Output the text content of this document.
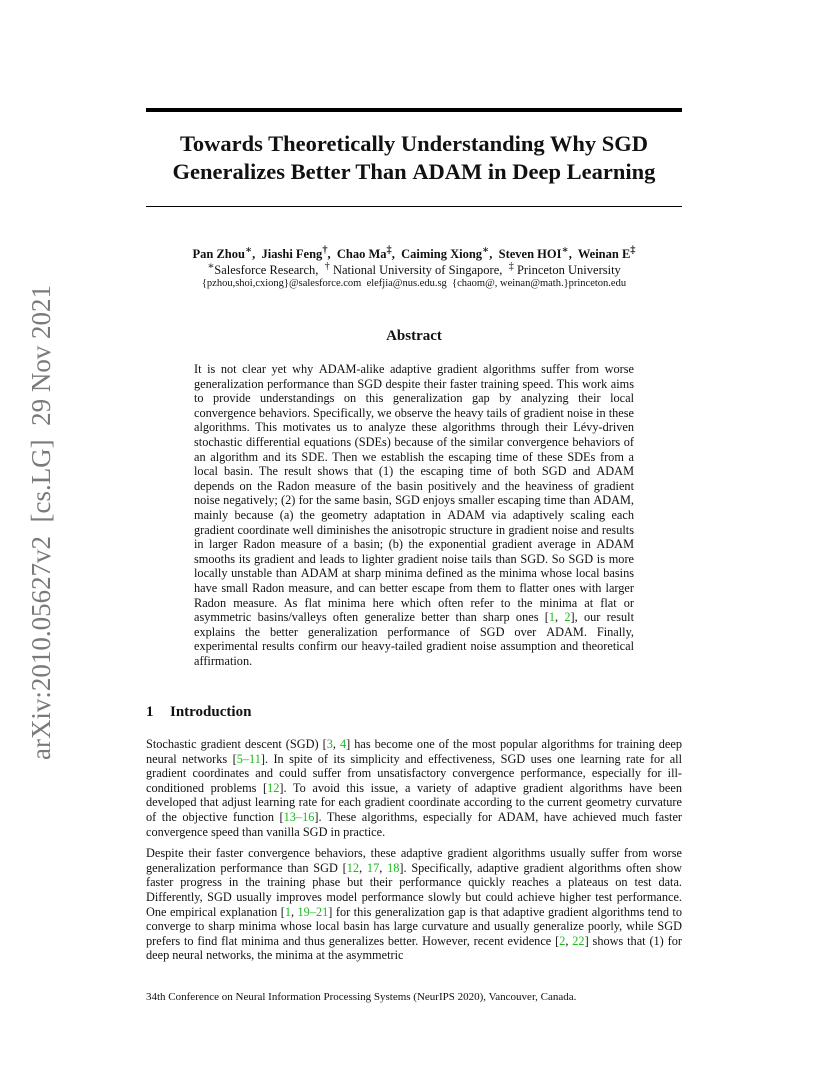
arXiv:2010.05627v2  [cs.LG]  29 Nov 2021
Towards Theoretically Understanding Why SGD
Generalizes Better Than ADAM in Deep Learning
Pan Zhou∗,  Jiashi Feng†,  Chao Ma‡,  Caiming Xiong∗,  Steven HOI∗,  Weinan E‡
∗Salesforce Research, † National University of Singapore, ‡ Princeton University
{pzhou,shoi,cxiong}@salesforce.com elefjia@nus.edu.sg {chaom@, weinan@math.}princeton.edu
Abstract
It is not clear yet why ADAM-alike adaptive gradient algorithms suffer from worse generalization performance than SGD despite their faster training speed. This work aims to provide understandings on this generalization gap by analyzing their local convergence behaviors. Specifically, we observe the heavy tails of gradient noise in these algorithms. This motivates us to analyze these algorithms through their Lévy-driven stochastic differential equations (SDEs) because of the similar convergence behaviors of an algorithm and its SDE. Then we establish the escaping time of these SDEs from a local basin. The result shows that (1) the escaping time of both SGD and ADAM depends on the Radon measure of the basin positively and the heaviness of gradient noise negatively; (2) for the same basin, SGD enjoys smaller escaping time than ADAM, mainly because (a) the geometry adaptation in ADAM via adaptively scaling each gradient coordinate well diminishes the anisotropic structure in gradient noise and results in larger Radon measure of a basin; (b) the exponential gradient average in ADAM smooths its gradient and leads to lighter gradient noise tails than SGD. So SGD is more locally unstable than ADAM at sharp minima defined as the minima whose local basins have small Radon measure, and can better escape from them to flatter ones with larger Radon measure. As flat minima here which often refer to the minima at flat or asymmetric basins/valleys often generalize better than sharp ones [1, 2], our result explains the better generalization performance of SGD over ADAM. Finally, experimental results confirm our heavy-tailed gradient noise assumption and theoretical affirmation.
1 Introduction

Stochastic gradient descent (SGD) [3, 4] has become one of the most popular algorithms for training deep neural networks [5–11]. In spite of its simplicity and effectiveness, SGD uses one learning rate for all gradient coordinates and could suffer from unsatisfactory convergence performance, especially for ill-conditioned problems [12]. To avoid this issue, a variety of adaptive gradient algorithms have been developed that adjust learning rate for each gradient coordinate according to the current geometry curvature of the objective function [13–16]. These algorithms, especially for ADAM, have achieved much faster convergence speed than vanilla SGD in practice.

Despite their faster convergence behaviors, these adaptive gradient algorithms usually suffer from worse generalization performance than SGD [12, 17, 18]. Specifically, adaptive gradient algorithms often show faster progress in the training phase but their performance quickly reaches a plateaus on test data. Differently, SGD usually improves model performance slowly but could achieve higher test performance. One empirical explanation [1, 19–21] for this generalization gap is that adaptive gradient algorithms tend to converge to sharp minima whose local basin has large curvature and usually generalize poorly, while SGD prefers to find flat minima and thus generalizes better. However, recent evidence [2, 22] shows that (1) for deep neural networks, the minima at the asymmetric

34th Conference on Neural Information Processing Systems (NeurIPS 2020), Vancouver, Canada.
